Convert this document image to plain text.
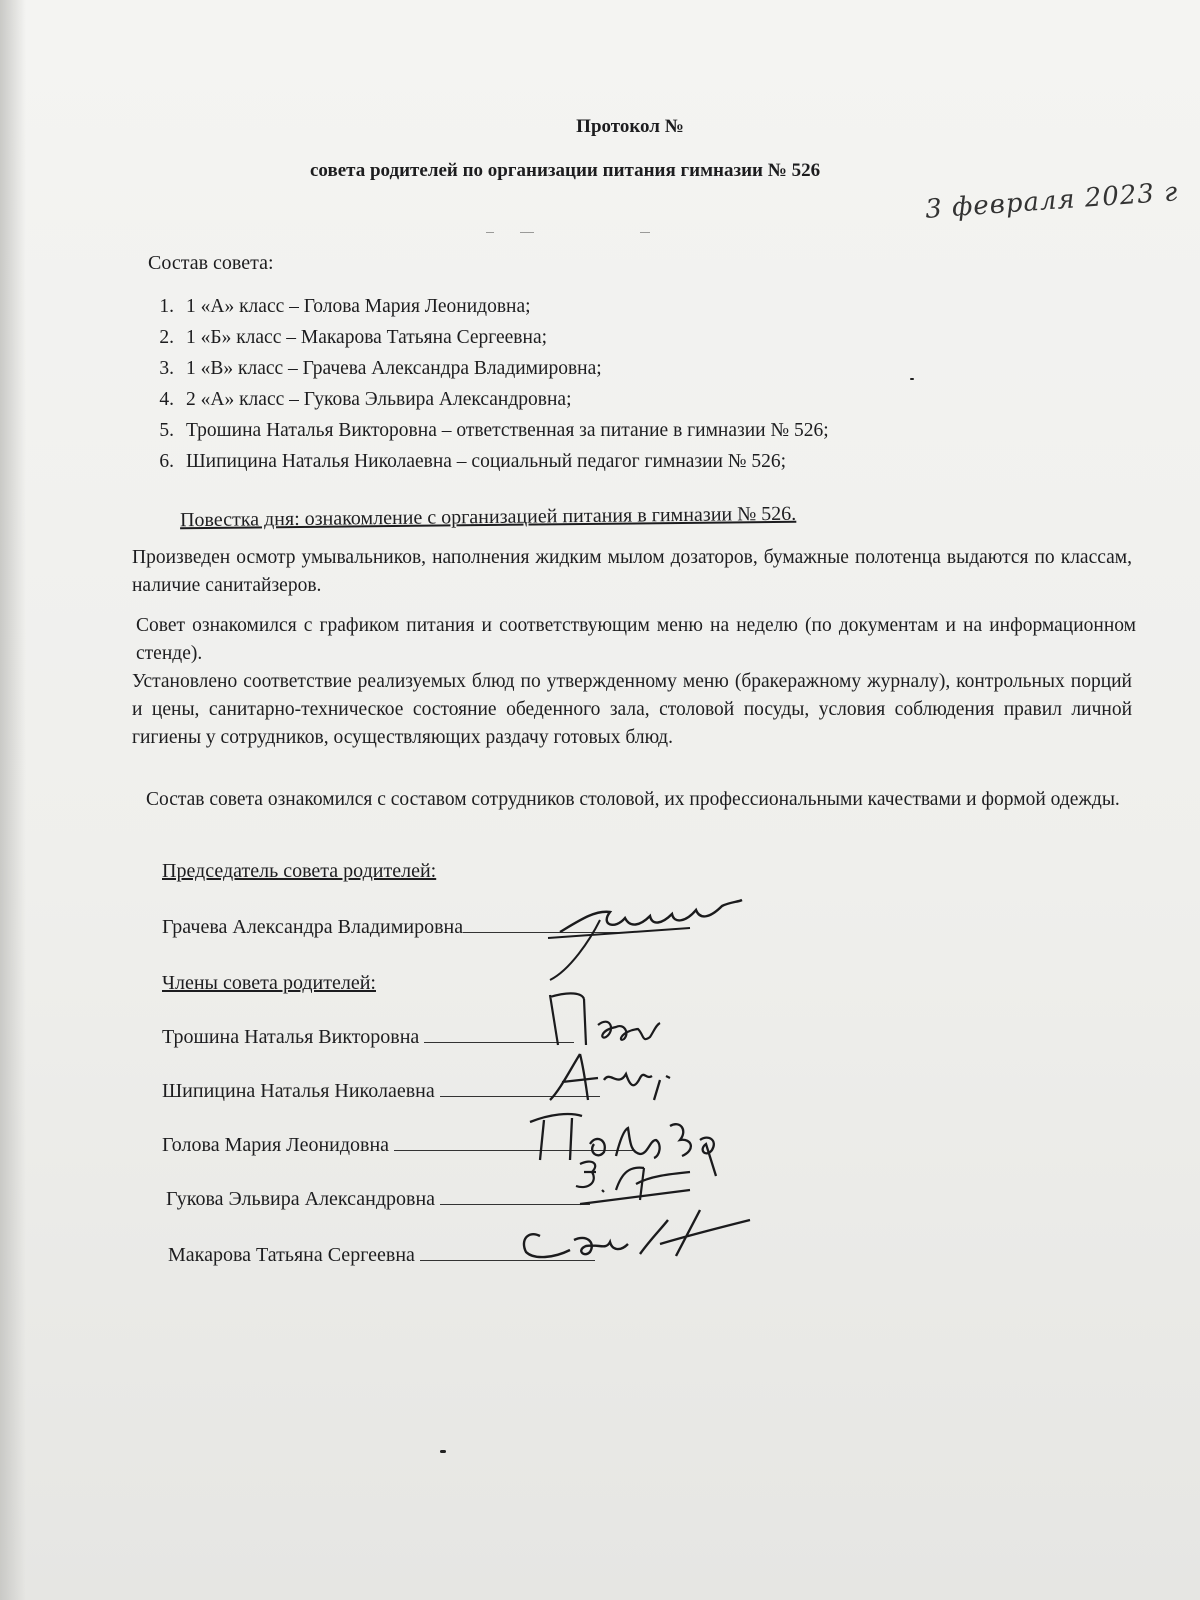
Протокол №
совета родителей по организации питания гимназии № 526
3 февраля 2023 г
Состав совета:
1. 1 «А» класс – Голова Мария Леонидовна;
2. 1 «Б» класс – Макарова Татьяна Сергеевна;
3. 1 «В» класс – Грачева Александра Владимировна;
4. 2 «А» класс – Гукова Эльвира Александровна;
5. Трошина Наталья Викторовна – ответственная за питание в гимназии № 526;
6. Шипицина Наталья Николаевна – социальный педагог гимназии № 526;
Повестка дня: ознакомление с организацией питания в гимназии № 526.
Произведен осмотр умывальников, наполнения жидким мылом дозаторов, бумажные полотенца выдаются по классам, наличие санитайзеров.
Совет ознакомился с графиком питания и соответствующим меню на неделю (по документам и на информационном стенде).
Установлено соответствие реализуемых блюд по утвержденному меню (бракеражному журналу), контрольных порций и цены, санитарно-техническое состояние обеденного зала, столовой посуды, условия соблюдения правил личной гигиены у сотрудников, осуществляющих раздачу готовых блюд.
Состав совета ознакомился с составом сотрудников столовой, их профессиональными качествами и формой одежды.
Председатель совета родителей:
Грачева Александра Владимировна
Члены совета родителей:
Трошина Наталья Викторовна
Шипицина Наталья Николаевна
Голова Мария Леонидовна
Гукова Эльвира Александровна
Макарова Татьяна Сергеевна
